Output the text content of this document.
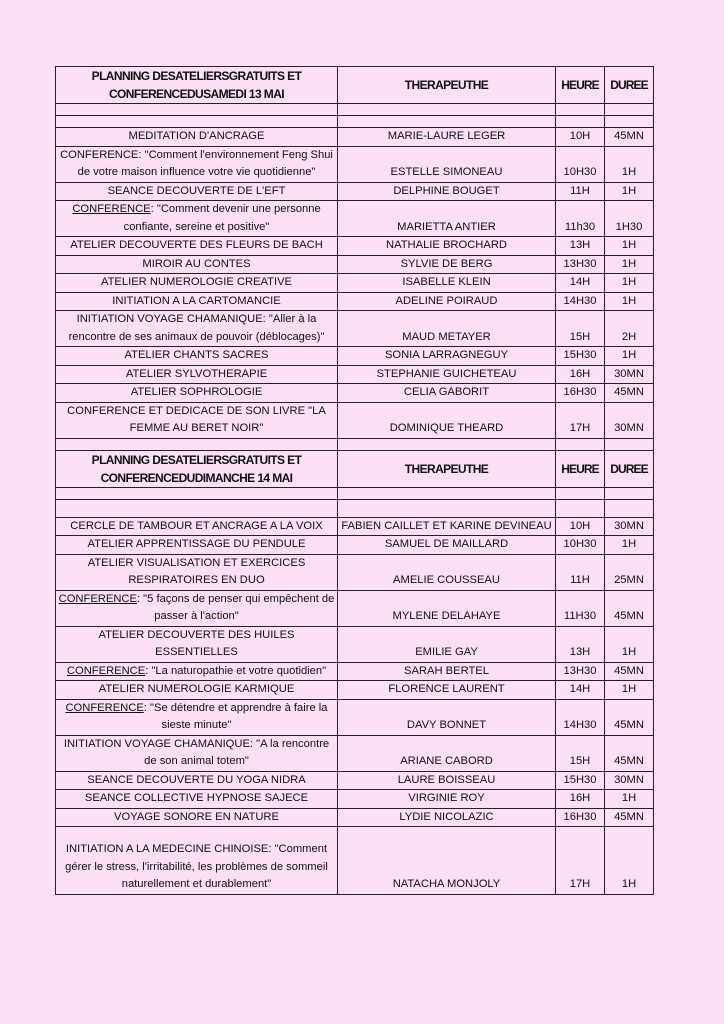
PLANNING DESATELIERSGRATUITS ET
CONFERENCEDUSAMEDI 13 MAI	THERAPEUTHE	HEURE	DUREE

MEDITATION D'ANCRAGE	MARIE-LAURE LEGER	10H	45MN
CONFERENCE: "Comment l'environnement Feng Shui de votre maison influence votre vie quotidienne"	ESTELLE SIMONEAU	10H30	1H
SEANCE DECOUVERTE DE L'EFT	DELPHINE BOUGET	11H	1H
CONFERENCE: "Comment devenir une personne confiante, sereine et positive"	MARIETTA ANTIER	11h30	1H30
ATELIER DECOUVERTE DES FLEURS DE BACH	NATHALIE BROCHARD	13H	1H
MIROIR AU CONTES	SYLVIE DE BERG	13H30	1H
ATELIER NUMEROLOGIE CREATIVE	ISABELLE KLEIN	14H	1H
INITIATION A LA CARTOMANCIE	ADELINE POIRAUD	14H30	1H
INITIATION VOYAGE CHAMANIQUE: "Aller à la rencontre de ses animaux de pouvoir (déblocages)"	MAUD METAYER	15H	2H
ATELIER CHANTS SACRES	SONIA LARRAGNEGUY	15H30	1H
ATELIER SYLVOTHERAPIE	STEPHANIE GUICHETEAU	16H	30MN
ATELIER SOPHROLOGIE	CELIA GABORIT	16H30	45MN
CONFERENCE ET DEDICACE DE SON LIVRE "LA FEMME AU BERET NOIR"	DOMINIQUE THEARD	17H	30MN

PLANNING DESATELIERSGRATUITS ET
CONFERENCEDUDIMANCHE 14 MAI	THERAPEUTHE	HEURE	DUREE

CERCLE DE TAMBOUR ET ANCRAGE A LA VOIX	FABIEN CAILLET ET KARINE DEVINEAU	10H	30MN
ATELIER APPRENTISSAGE DU PENDULE	SAMUEL DE MAILLARD	10H30	1H
ATELIER VISUALISATION ET EXERCICES RESPIRATOIRES EN DUO	AMELIE COUSSEAU	11H	25MN
CONFERENCE: "5 façons de penser qui empêchent de passer à l'action"	MYLENE DELAHAYE	11H30	45MN
ATELIER DECOUVERTE DES HUILES ESSENTIELLES	EMILIE GAY	13H	1H
CONFERENCE: "La naturopathie et votre quotidien"	SARAH BERTEL	13H30	45MN
ATELIER NUMEROLOGIE KARMIQUE	FLORENCE LAURENT	14H	1H
CONFERENCE: "Se détendre et apprendre à faire la sieste minute"	DAVY BONNET	14H30	45MN
INITIATION VOYAGE CHAMANIQUE: "A la rencontre de son animal totem"	ARIANE CABORD	15H	45MN
SEANCE DECOUVERTE DU YOGA NIDRA	LAURE BOISSEAU	15H30	30MN
SEANCE COLLECTIVE HYPNOSE SAJECE	VIRGINIE ROY	16H	1H
VOYAGE SONORE EN NATURE	LYDIE NICOLAZIC	16H30	45MN
INITIATION A LA MEDECINE CHINOISE: "Comment gérer le stress, l'irritabilité, les problèmes de sommeil naturellement et durablement"	NATACHA MONJOLY	17H	1H
